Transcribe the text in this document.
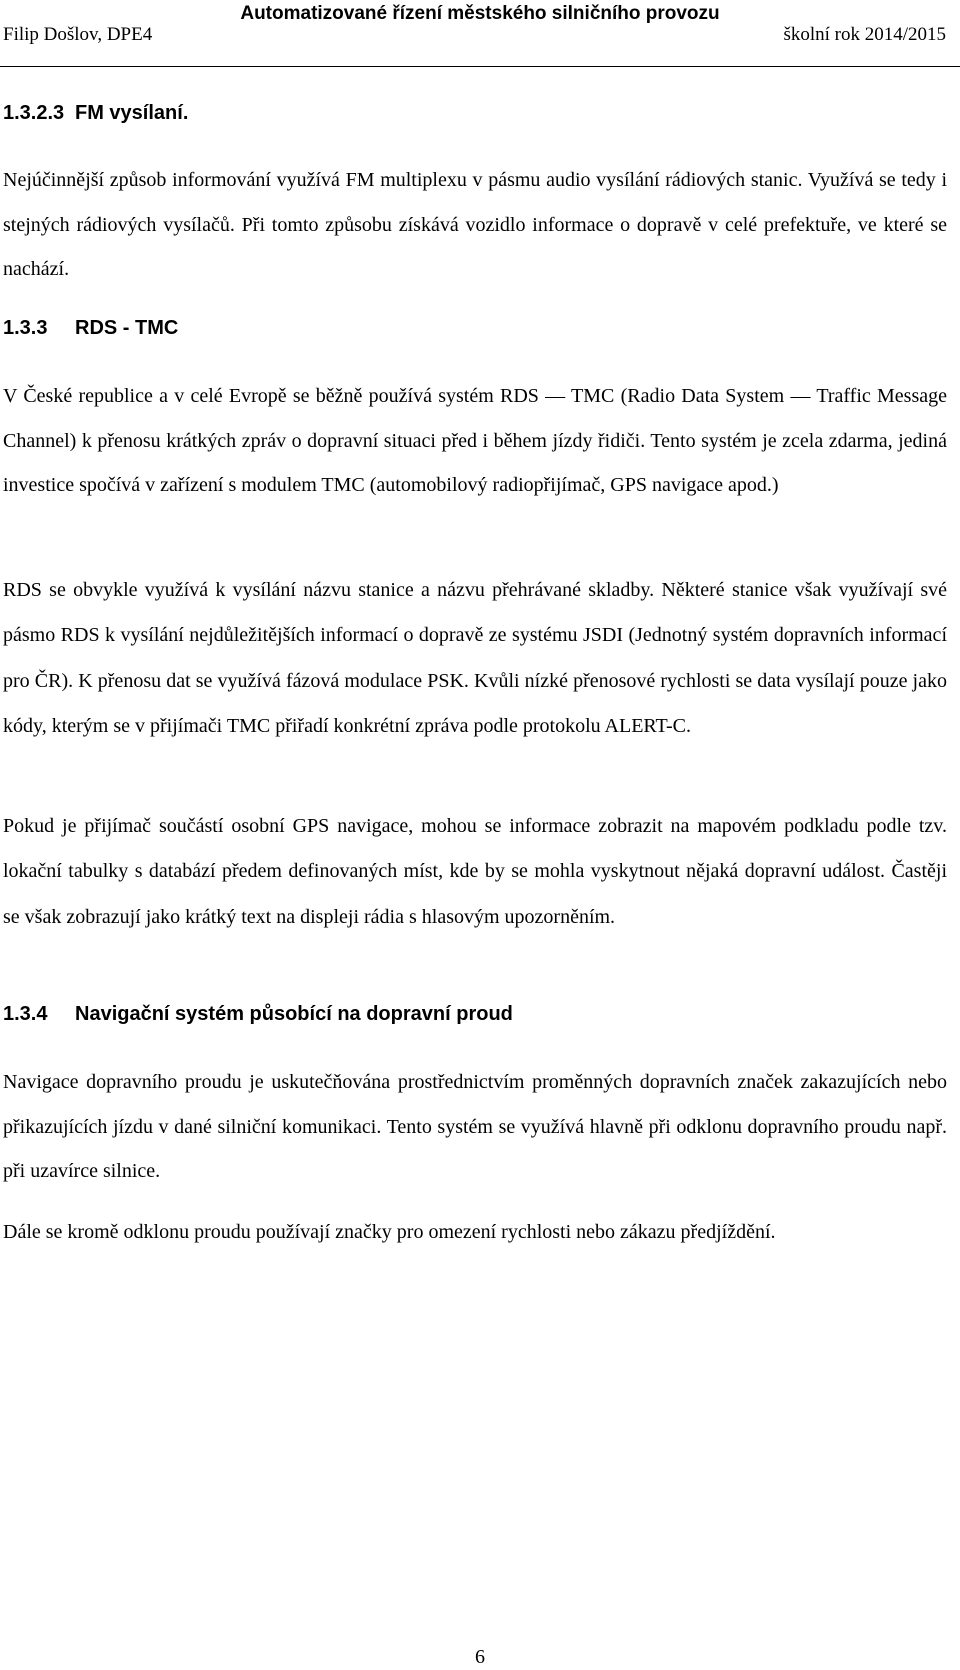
Automatizované řízení městského silničního provozu
Filip Došlov, DPE4	školní rok 2014/2015
1.3.2.3 FM vysílaní.
Nejúčinnější způsob informování využívá FM multiplexu v pásmu audio vysílání rádiových stanic. Využívá se tedy i stejných rádiových vysílačů. Při tomto způsobu získává vozidlo informace o dopravě v celé prefektuře, ve které se nachází.
1.3.3 RDS - TMC
V České republice a v celé Evropě se běžně používá systém RDS — TMC (Radio Data System — Traffic Message Channel) k přenosu krátkých zpráv o dopravní situaci před i během jízdy řidiči. Tento systém je zcela zdarma, jediná investice spočívá v zařízení s modulem TMC (automobilový radiopřijímač, GPS navigace apod.)
RDS se obvykle využívá k vysílání názvu stanice a názvu přehrávané skladby. Některé stanice však využívají své pásmo RDS k vysílání nejdůležitějších informací o dopravě ze systému JSDI (Jednotný systém dopravních informací pro ČR). K přenosu dat se využívá fázová modulace PSK. Kvůli nízké přenosové rychlosti se data vysílají pouze jako kódy, kterým se v přijímači TMC přiřadí konkrétní zpráva podle protokolu ALERT-C.
Pokud je přijímač součástí osobní GPS navigace, mohou se informace zobrazit na mapovém podkladu podle tzv. lokační tabulky s databází předem definovaných míst, kde by se mohla vyskytnout nějaká dopravní událost. Častěji se však zobrazují jako krátký text na displeji rádia s hlasovým upozorněním.
1.3.4 Navigační systém působící na dopravní proud
Navigace dopravního proudu je uskutečňována prostřednictvím proměnných dopravních značek zakazujících nebo přikazujících jízdu v dané silniční komunikaci. Tento systém se využívá hlavně při odklonu dopravního proudu např. při uzavírce silnice.
Dále se kromě odklonu proudu používají značky pro omezení rychlosti nebo zákazu předjíždění.
6
